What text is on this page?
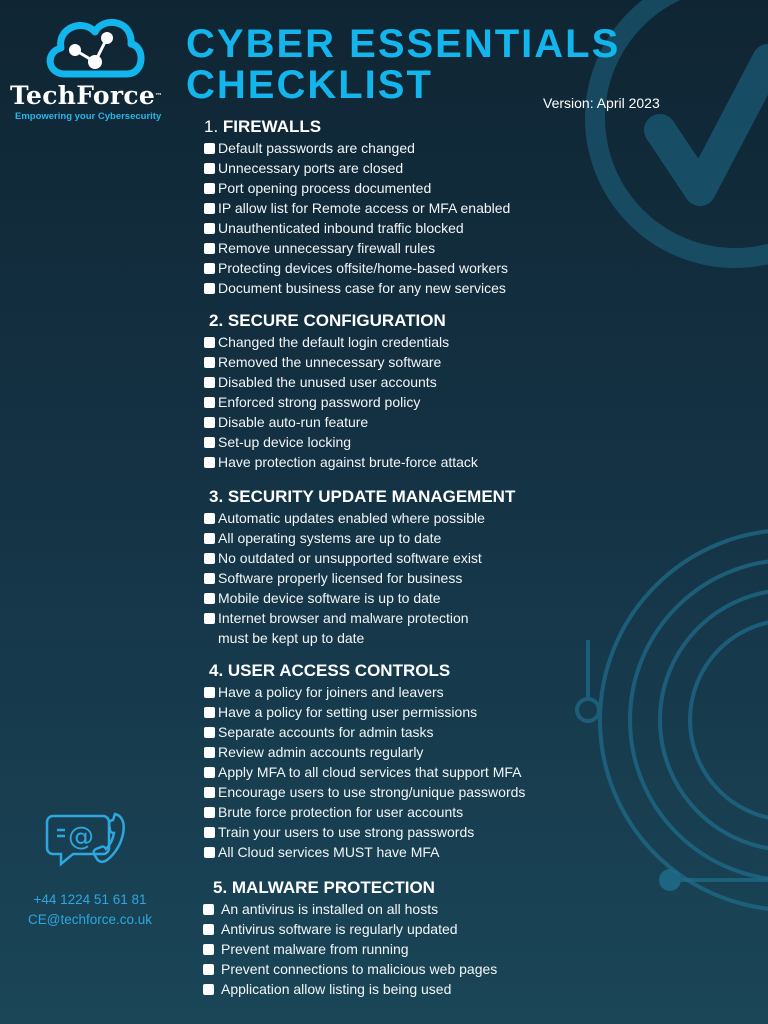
TechForce™
Empowering your Cybersecurity
CYBER ESSENTIALS
CHECKLIST	Version: April 2023
1. FIREWALLS
Default passwords are changed
Unnecessary ports are closed
Port opening process documented
IP allow list for Remote access or MFA enabled
Unauthenticated inbound traffic blocked
Remove unnecessary firewall rules
Protecting devices offsite/home-based workers
Document business case for any new services
2. SECURE CONFIGURATION
Changed the default login credentials
Removed the unnecessary software
Disabled the unused user accounts
Enforced strong password policy
Disable auto-run feature
Set-up device locking
Have protection against brute-force attack
3. SECURITY UPDATE MANAGEMENT
Automatic updates enabled where possible
All operating systems are up to date
No outdated or unsupported software exist
Software properly licensed for business
Mobile device software is up to date
Internet browser and malware protection
must be kept up to date
4. USER ACCESS CONTROLS
Have a policy for joiners and leavers
Have a policy for setting user permissions
Separate accounts for admin tasks
Review admin accounts regularly
Apply MFA to all cloud services that support MFA
Encourage users to use strong/unique passwords
Brute force protection for user accounts
Train your users to use strong passwords
All Cloud services MUST have MFA
5. MALWARE PROTECTION
An antivirus is installed on all hosts
Antivirus software is regularly updated
Prevent malware from running
Prevent connections to malicious web pages
Application allow listing is being used
@
+44 1224 51 61 81
CE@techforce.co.uk
